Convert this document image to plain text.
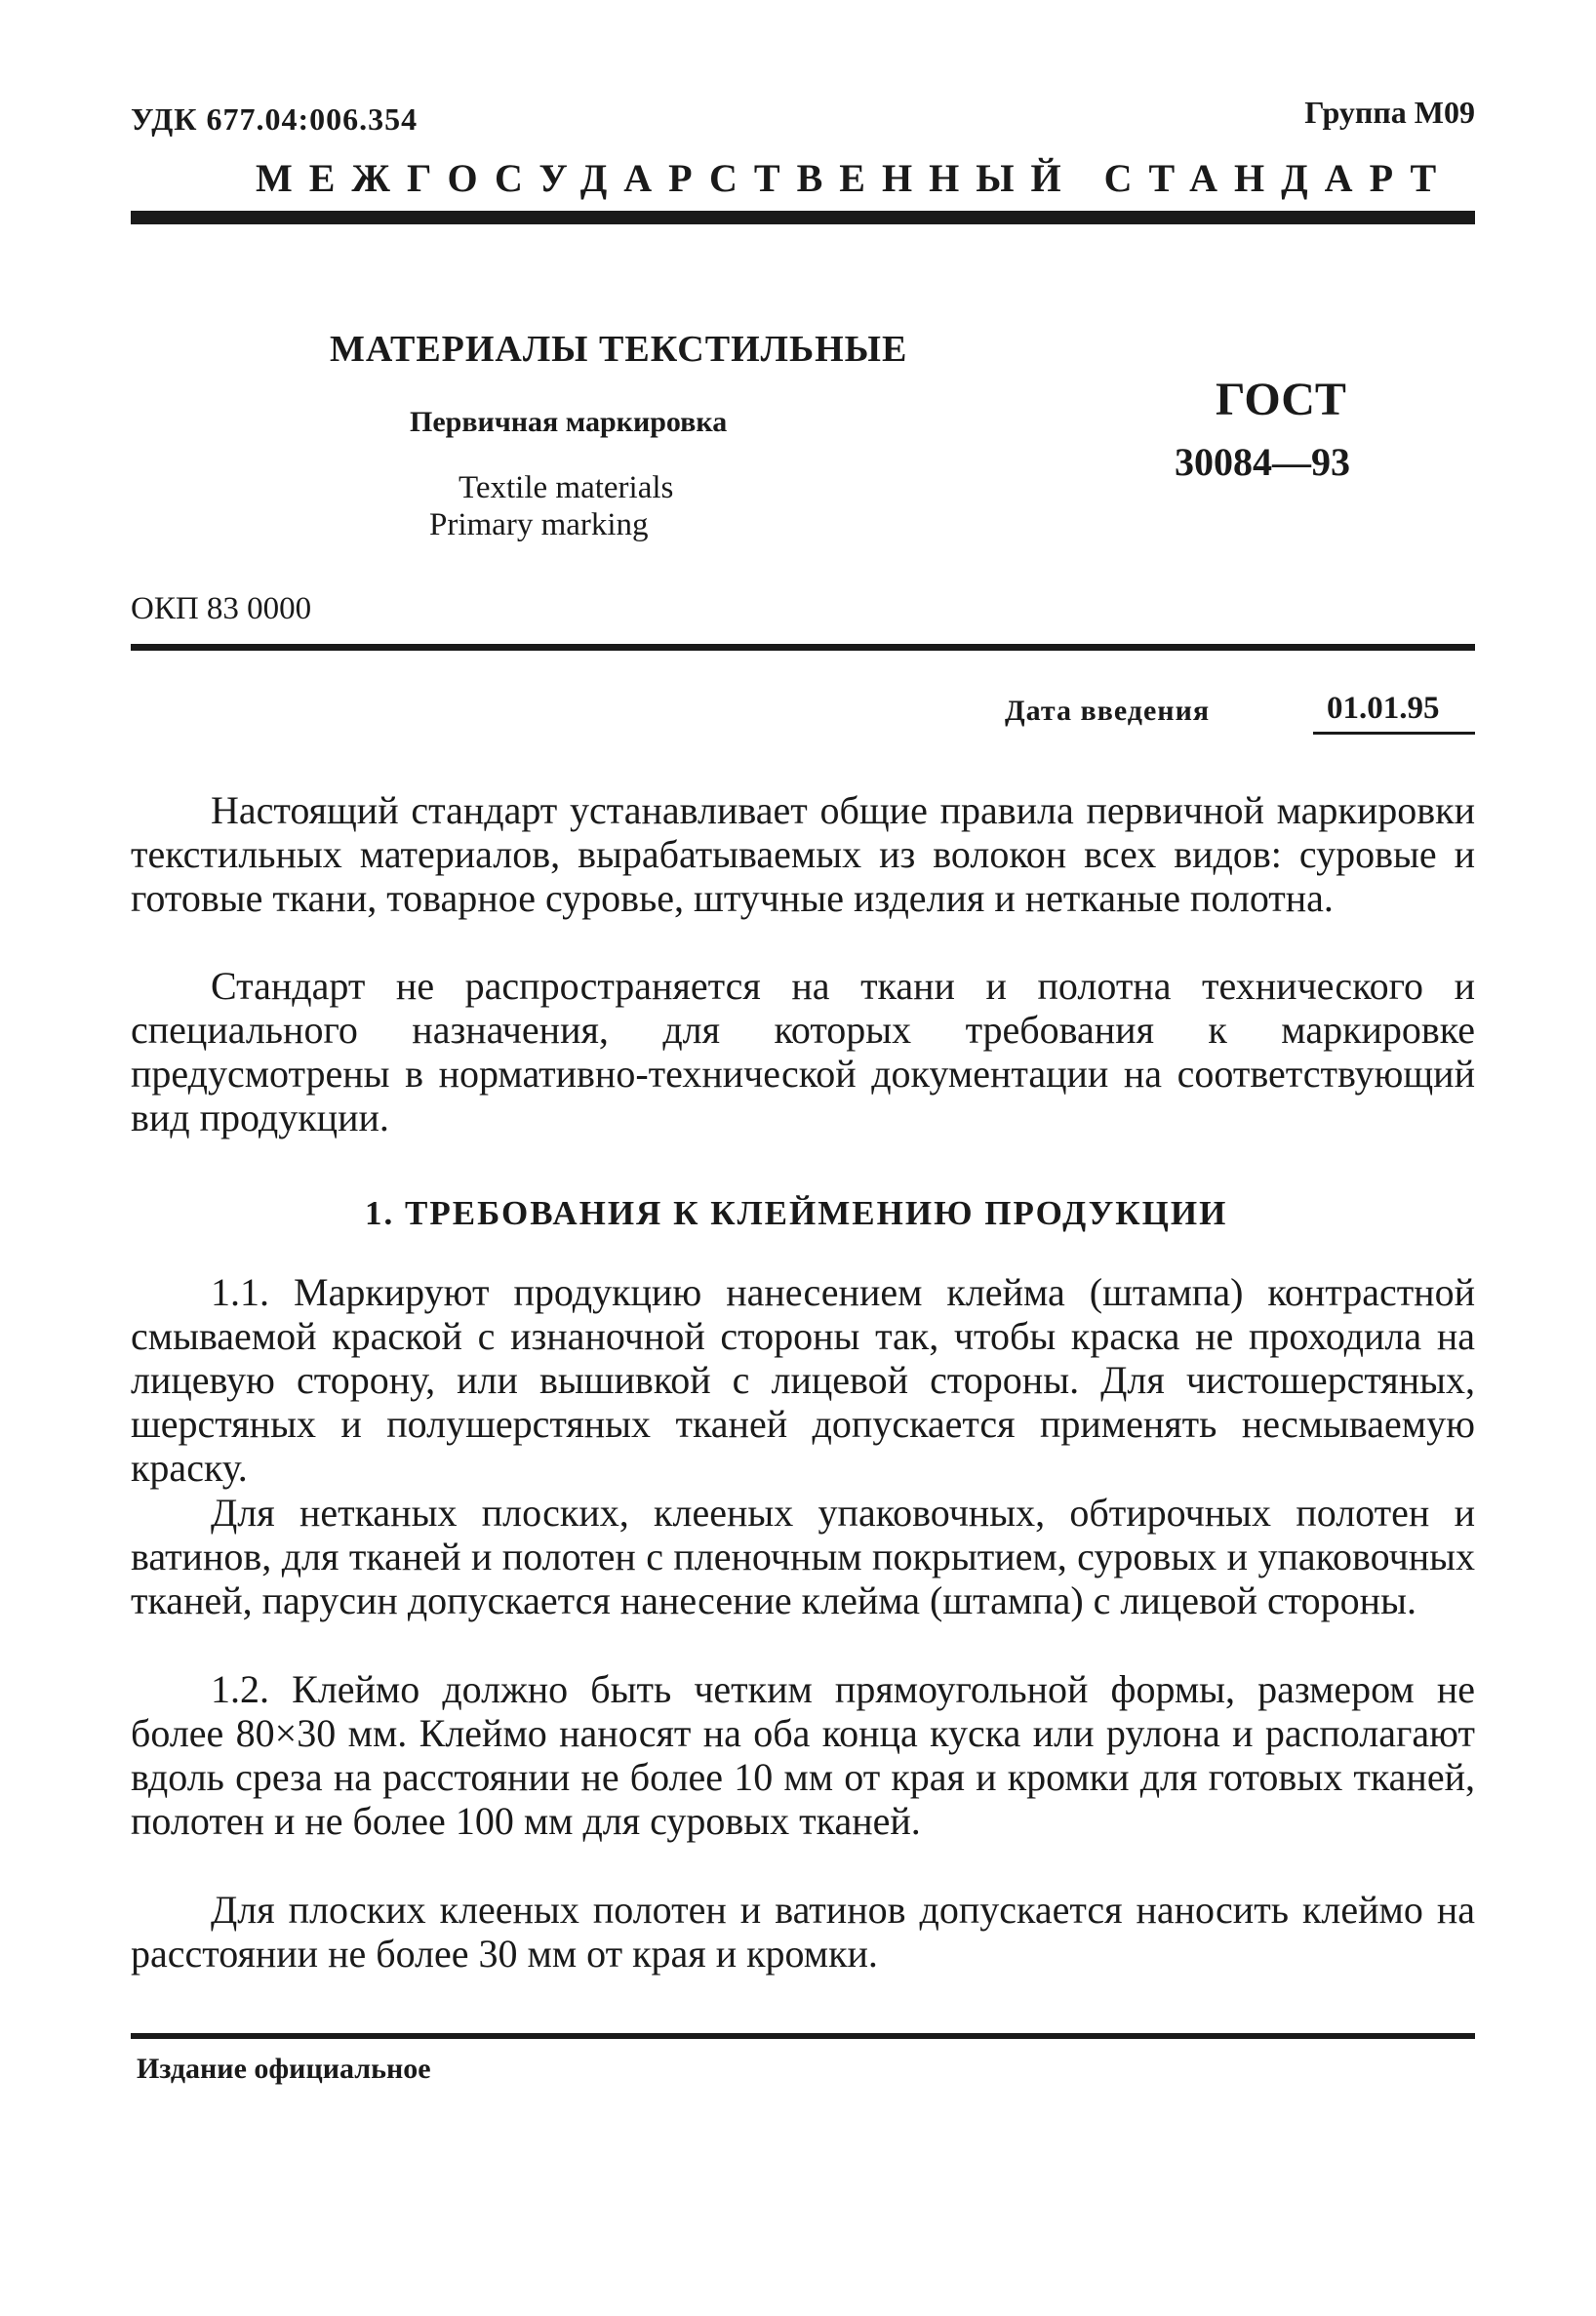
УДК 677.04:006.354	Группа М09
МЕЖГОСУДАРСТВЕННЫЙ СТАНДАРТ
МАТЕРИАЛЫ ТЕКСТИЛЬНЫЕ
Первичная маркировка
Textile materials
Primary marking
ГОСТ
30084—93
ОКП 83 0000
Дата введения	01.01.95
Настоящий стандарт устанавливает общие правила первичной маркировки текстильных материалов, вырабатываемых из волокон всех видов: суровые и готовые ткани, товарное суровье, штучные изделия и нетканые полотна.
Стандарт не распространяется на ткани и полотна технического и специального назначения, для которых требования к маркировке предусмотрены в нормативно-технической документации на соответствующий вид продукции.
1. ТРЕБОВАНИЯ К КЛЕЙМЕНИЮ ПРОДУКЦИИ
1.1. Маркируют продукцию нанесением клейма (штампа) контрастной смываемой краской с изнаночной стороны так, чтобы краска не проходила на лицевую сторону, или вышивкой с лицевой стороны. Для чистошерстяных, шерстяных и полушерстяных тканей допускается применять несмываемую краску.
Для нетканых плоских, клееных упаковочных, обтирочных полотен и ватинов, для тканей и полотен с пленочным покрытием, суровых и упаковочных тканей, парусин допускается нанесение клейма (штампа) с лицевой стороны.
1.2. Клеймо должно быть четким прямоугольной формы, размером не более 80×30 мм. Клеймо наносят на оба конца куска или рулона и располагают вдоль среза на расстоянии не более 10 мм от края и кромки для готовых тканей, полотен и не более 100 мм для суровых тканей.
Для плоских клееных полотен и ватинов допускается наносить клеймо на расстоянии не более 30 мм от края и кромки.
Издание официальное
